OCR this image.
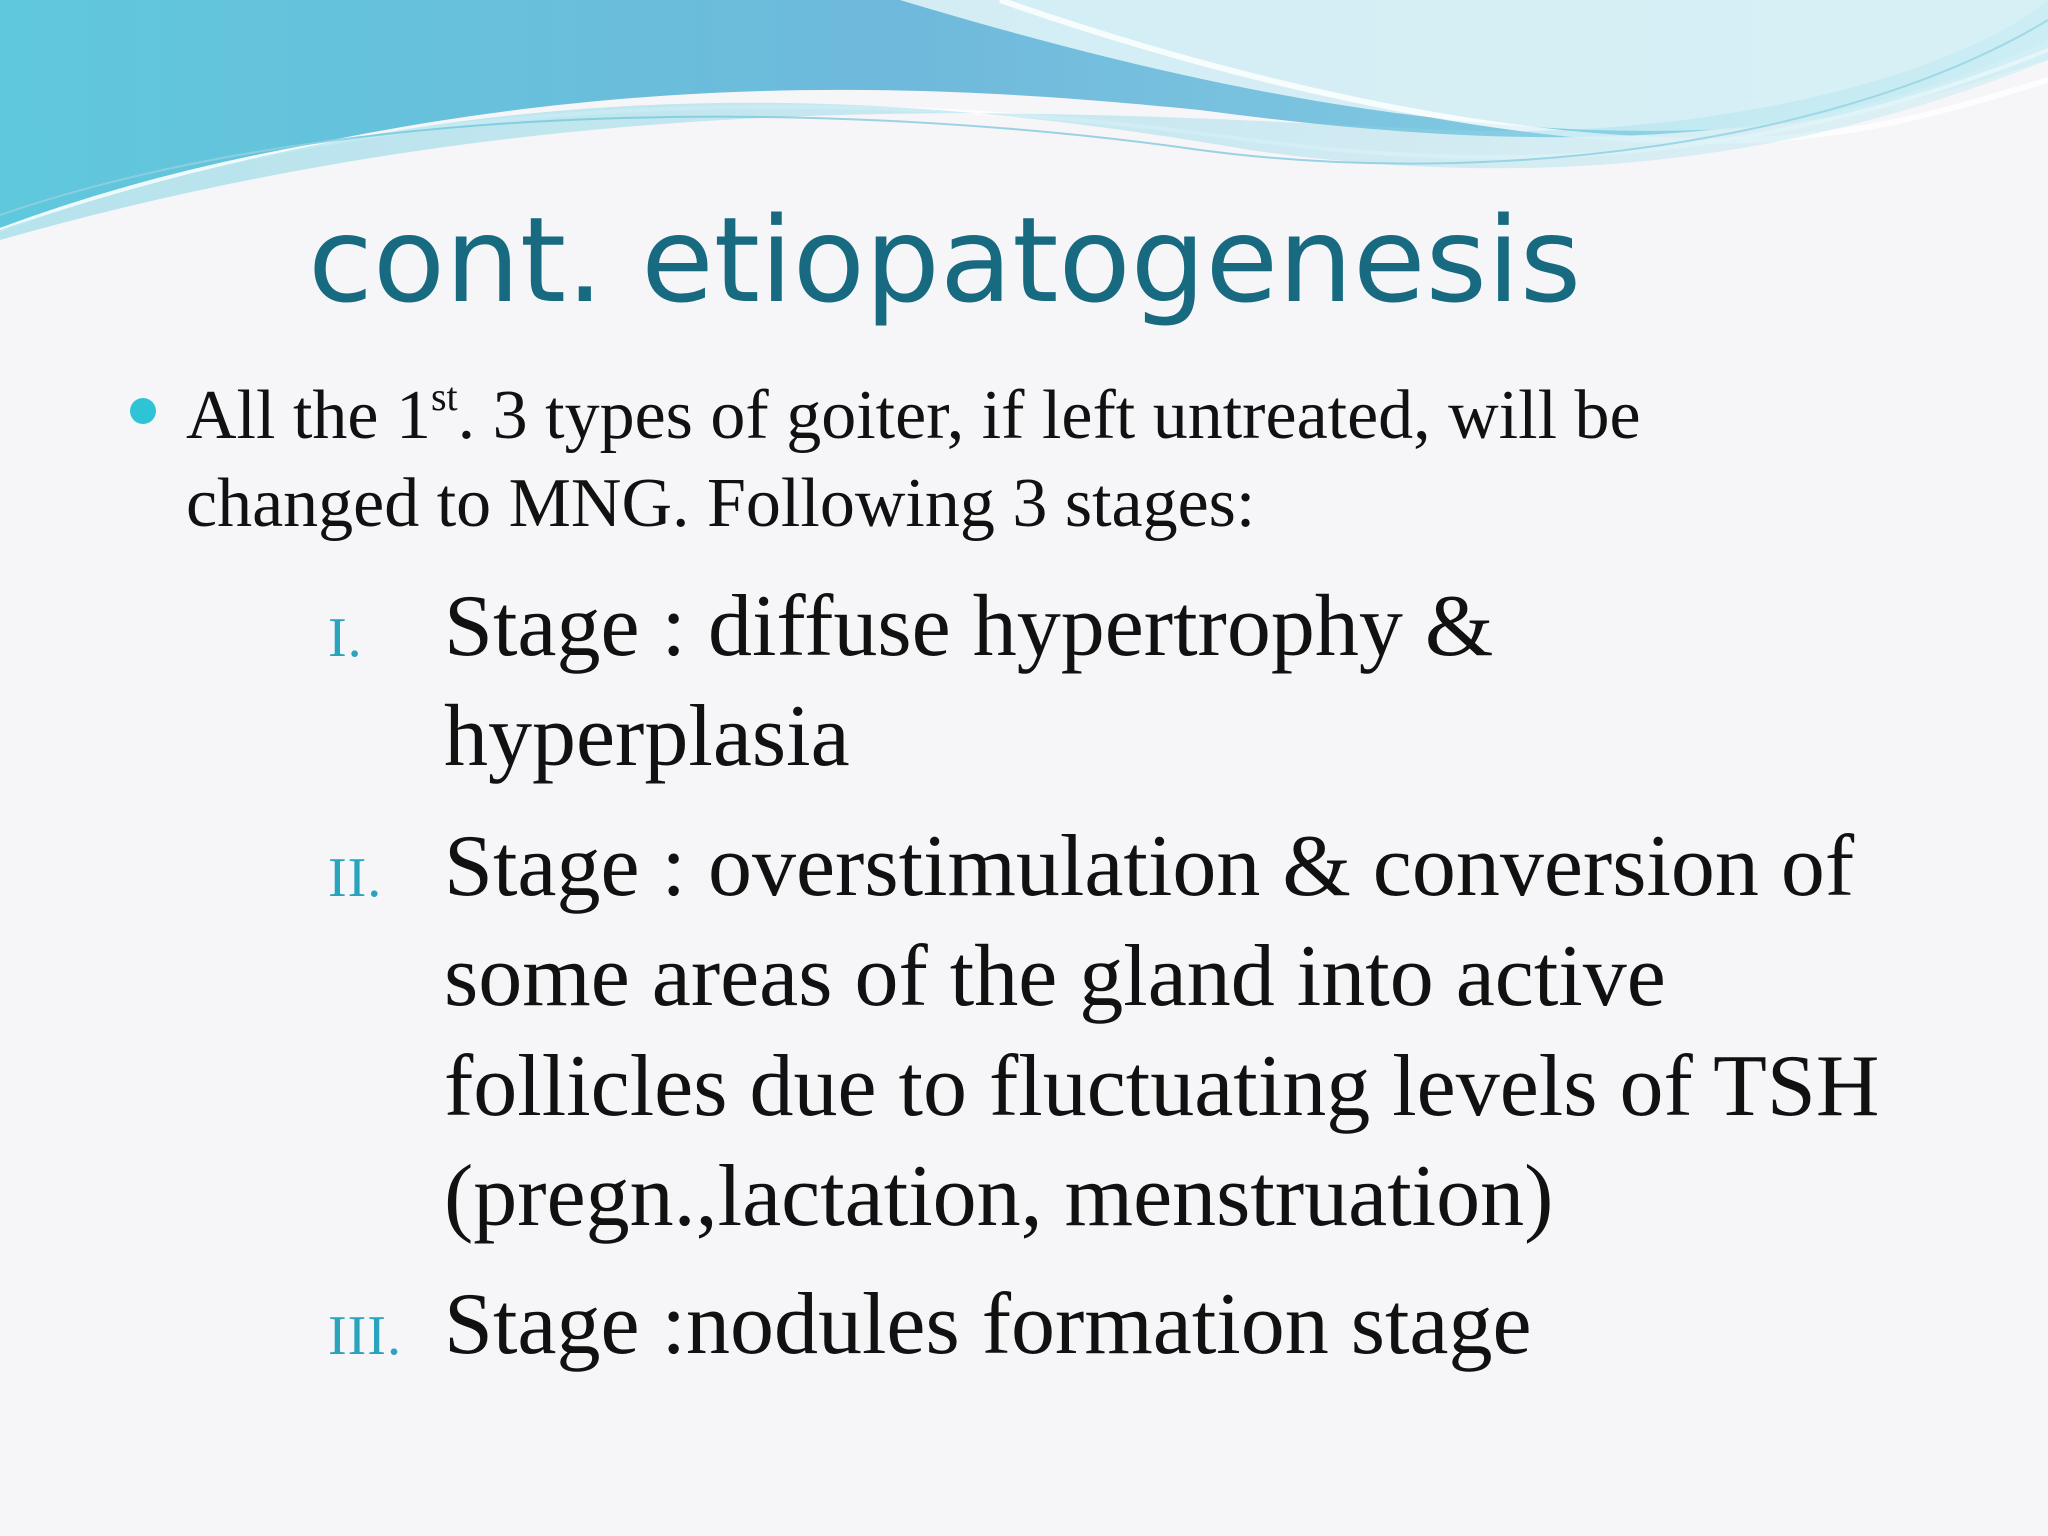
cont. etiopatogenesis

All the 1st. 3 types of goiter, if left untreated, will be
changed to MNG. Following 3 stages:

I. Stage : diffuse hypertrophy &
hyperplasia

II. Stage : overstimulation & conversion of
some areas of the gland into active
follicles due to fluctuating levels of TSH
(pregn.,lactation, menstruation)

III. Stage :nodules formation stage
